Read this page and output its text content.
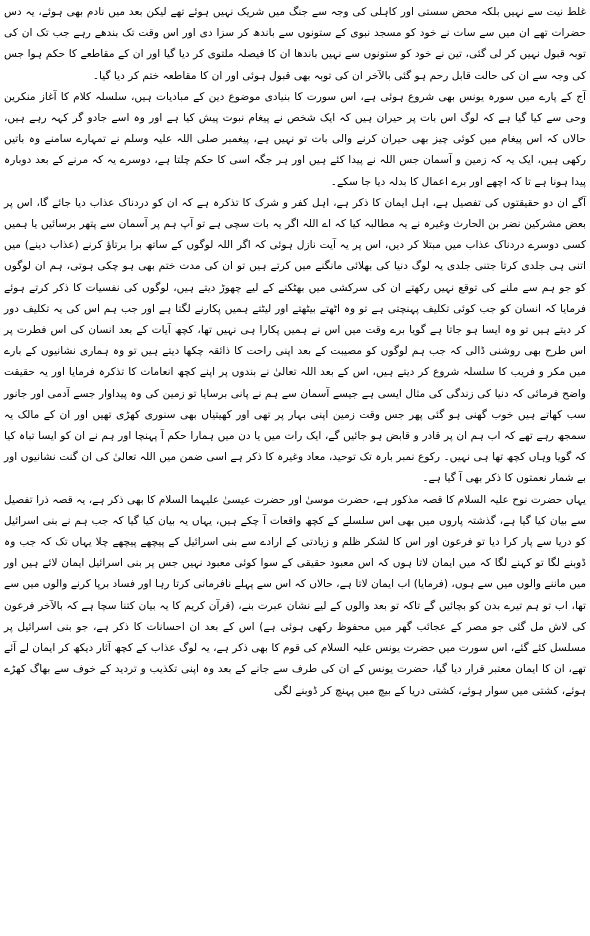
غلط نیت سے نہیں بلکہ محض سستی اور کاہلی کی وجہ سے جنگ میں شریک نہیں ہوئے تھے لیکن بعد میں نادم بھی ہوئے، یہ دس حضرات تھے ان میں سے سات نے خود کو مسجد نبوی کے ستونوں سے باندھ کر سزا دی اور اس وقت تک بندھے رہے جب تک ان کی توبہ قبول نہیں کر لی گئی، تین نے خود کو ستونوں سے نہیں باندھا ان کا فیصلہ ملتوی کر دیا گیا اور ان کے مقاطعے کا حکم ہوا جس کی وجہ سے ان کی حالت قابل رحم ہو گئی بالآخر ان کی توبہ بھی قبول ہوئی اور ان کا مقاطعہ ختم کر دیا گیا۔

آج کے پارے میں سورہ یونس بھی شروع ہوئی ہے، اس سورت کا بنیادی موضوع دین کے مبادیات ہیں، سلسلہ کلام کا آغاز منکرین وحی سے کیا گیا ہے کہ لوگ اس بات پر حیران ہیں کہ ایک شخص نے پیغام نبوت پیش کیا ہے اور وہ اسے جادو گر کہہ رہے ہیں، حالاں کہ اس پیغام میں کوئی چیز بھی حیران کرنے والی بات تو نہیں ہے، پیغمبر صلی اللہ علیہ وسلم نے تمہارے سامنے وہ باتیں رکھی ہیں، ایک یہ کہ زمین و آسمان جس اللہ نے پیدا کئے ہیں اور ہر جگہ اسی کا حکم چلتا ہے، دوسرے یہ کہ مرنے کے بعد دوبارہ پیدا ہونا ہے تا کہ اچھے اور برے اعمال کا بدلہ دیا جا سکے۔

آگے ان دو حقیقتوں کی تفصیل ہے، اہل ایمان کا ذکر ہے، اہل کفر و شرک کا تذکرہ ہے کہ ان کو دردناک عذاب دیا جائے گا، اس پر بعض مشرکین نضر بن الحارث وغیرہ نے یہ مطالبہ کیا کہ اے اللہ اگر یہ بات سچی ہے تو آپ ہم پر آسمان سے پتھر برسائیں یا ہمیں کسی دوسرے دردناک عذاب میں مبتلا کر دیں، اس پر یہ آیت نازل ہوئی کہ اگر اللہ لوگوں کے ساتھ برا برتاؤ کرنے (عذاب دینے) میں اتنی ہی جلدی کرتا جتنی جلدی یہ لوگ دنیا کی بھلائی مانگنے میں کرتے ہیں تو ان کی مدت ختم بھی ہو چکی ہوتی، ہم ان لوگوں کو جو ہم سے ملنے کی توقع نہیں رکھتے ان کی سرکشی میں بھٹکنے کے لیے چھوڑ دیتے ہیں، لوگوں کی نفسیات کا ذکر کرتے ہوئے فرمایا کہ انسان کو جب کوئی تکلیف پہنچتی ہے تو وہ اٹھتے بیٹھتے اور لیٹتے ہمیں پکارنے لگتا ہے اور جب ہم اس کی یہ تکلیف دور کر دیتے ہیں تو وہ ایسا ہو جاتا ہے گویا برے وقت میں اس نے ہمیں پکارا ہی نہیں تھا، کچھ آیات کے بعد انسان کی اس فطرت پر اس طرح بھی روشنی ڈالی کہ جب ہم لوگوں کو مصیبت کے بعد اپنی راحت کا ذائقہ چکھا دیتے ہیں تو وہ ہماری نشانیوں کے بارے میں مکر و فریب کا سلسلہ شروع کر دیتے ہیں، اس کے بعد اللہ تعالیٰ نے بندوں پر اپنے کچھ انعامات کا تذکرہ فرمایا اور یہ حقیقت واضح فرمائی کہ دنیا کی زندگی کی مثال ایسی ہے جیسے آسمان سے ہم نے پانی برسایا تو زمین کی وہ پیداوار جسے آدمی اور جانور سب کھاتے ہیں خوب گھنی ہو گئی پھر جس وقت زمین اپنی بہار پر تھی اور کھیتیاں بھی سنوری کھڑی تھیں اور ان کے مالک یہ سمجھ رہے تھے کہ اب ہم ان پر قادر و قابض ہو جائیں گے، ایک رات میں یا دن میں ہمارا حکم آ پہنچا اور ہم نے ان کو ایسا تباہ کیا کہ گویا وہاں کچھ تھا ہی نہیں۔ رکوع نمبر بارہ تک توحید، معاد وغیرہ کا ذکر ہے اسی ضمن میں اللہ تعالیٰ کی ان گنت نشانیوں اور بے شمار نعمتوں کا ذکر بھی آ گیا ہے۔

یہاں حضرت نوح علیہ السلام کا قصہ مذکور ہے، حضرت موسیٰ اور حضرت عیسیٰ علیہما السلام کا بھی ذکر ہے، یہ قصہ ذرا تفصیل سے بیان کیا گیا ہے، گذشتہ پاروں میں بھی اس سلسلے کے کچھ واقعات آ چکے ہیں، یہاں یہ بیان کیا گیا کہ جب ہم نے بنی اسرائیل کو دریا سے پار کرا دیا تو فرعون اور اس کا لشکر ظلم و زیادتی کے ارادے سے بنی اسرائیل کے پیچھے پیچھے چلا یہاں تک کہ جب وہ ڈوبنے لگا تو کہنے لگا کہ میں ایمان لاتا ہوں کہ اس معبود حقیقی کے سوا کوئی معبود نہیں جس پر بنی اسرائیل ایمان لائے ہیں اور میں ماننے والوں میں سے ہوں، (فرمایا) اب ایمان لاتا ہے، حالاں کہ اس سے پہلے نافرمانی کرتا رہا اور فساد برپا کرنے والوں میں سے تھا، اب تو ہم تیرے بدن کو بچائیں گے تاکہ تو بعد والوں کے لیے نشان عبرت بنے، (قرآن کریم کا یہ بیان کتنا سچا ہے کہ بالآخر فرعون کی لاش مل گئی جو مصر کے عجائب گھر میں محفوظ رکھی ہوئی ہے) اس کے بعد ان احسانات کا ذکر ہے، جو بنی اسرائیل پر مسلسل کئے گئے، اس سورت میں حضرت یونس علیہ السلام کی قوم کا بھی ذکر ہے، یہ لوگ عذاب کے کچھ آثار دیکھ کر ایمان لے آئے تھے، ان کا ایمان معتبر قرار دیا گیا، حضرت یونس کے ان کی طرف سے جانے کے بعد وہ اپنی تکذیب و تردید کے خوف سے بھاگ کھڑے ہوئے، کشتی میں سوار ہوئے، کشتی دریا کے بیچ میں پہنچ کر ڈوبنے لگی
